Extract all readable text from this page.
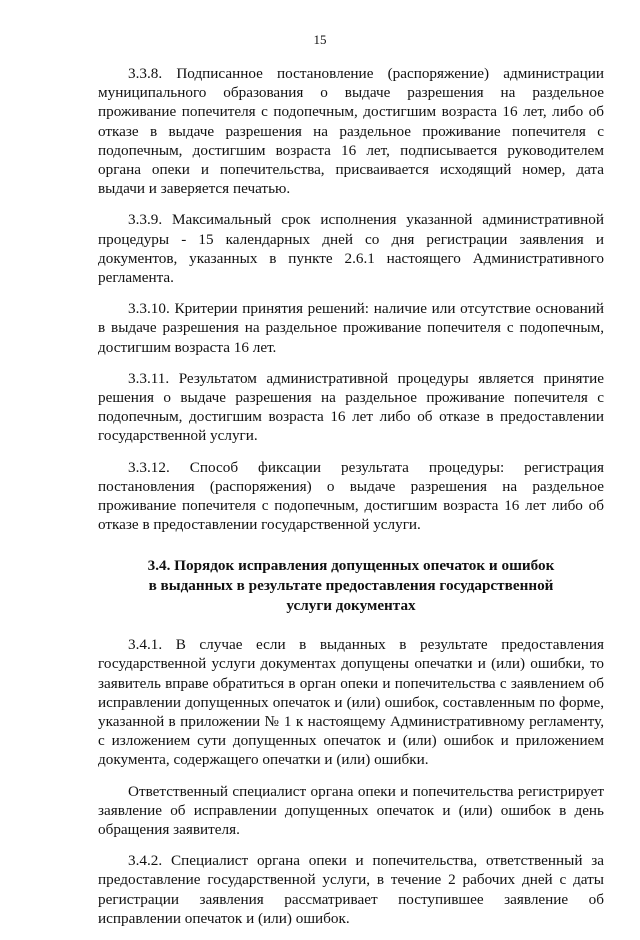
15

3.3.8. Подписанное постановление (распоряжение) администрации муниципального образования о выдаче разрешения на раздельное проживание попечителя с подопечным, достигшим возраста 16 лет, либо об отказе в выдаче разрешения на раздельное проживание попечителя с подопечным, достигшим возраста 16 лет, подписывается руководителем органа опеки и попечительства, присваивается исходящий номер, дата выдачи и заверяется печатью.

3.3.9. Максимальный срок исполнения указанной административной процедуры - 15 календарных дней со дня регистрации заявления и документов, указанных в пункте 2.6.1 настоящего Административного регламента.

3.3.10. Критерии принятия решений: наличие или отсутствие оснований в выдаче разрешения на раздельное проживание попечителя с подопечным, достигшим возраста 16 лет.

3.3.11. Результатом административной процедуры является принятие решения о выдаче разрешения на раздельное проживание попечителя с подопечным, достигшим возраста 16 лет либо об отказе в предоставлении государственной услуги.

3.3.12. Способ фиксации результата процедуры: регистрация постановления (распоряжения) о выдаче разрешения на раздельное проживание попечителя с подопечным, достигшим возраста 16 лет либо об отказе в предоставлении государственной услуги.

3.4. Порядок исправления допущенных опечаток и ошибок
в выданных в результате предоставления государственной
услуги документах

3.4.1. В случае если в выданных в результате предоставления государственной услуги документах допущены опечатки и (или) ошибки, то заявитель вправе обратиться в орган опеки и попечительства с заявлением об исправлении допущенных опечаток и (или) ошибок, составленным по форме, указанной в приложении № 1 к настоящему Административному регламенту, с изложением сути допущенных опечаток и (или) ошибок и приложением документа, содержащего опечатки и (или) ошибки.

Ответственный специалист органа опеки и попечительства регистрирует заявление об исправлении допущенных опечаток и (или) ошибок в день обращения заявителя.

3.4.2. Специалист органа опеки и попечительства, ответственный за предоставление государственной услуги, в течение 2 рабочих дней с даты регистрации заявления рассматривает поступившее заявление об исправлении опечаток и (или) ошибок.
